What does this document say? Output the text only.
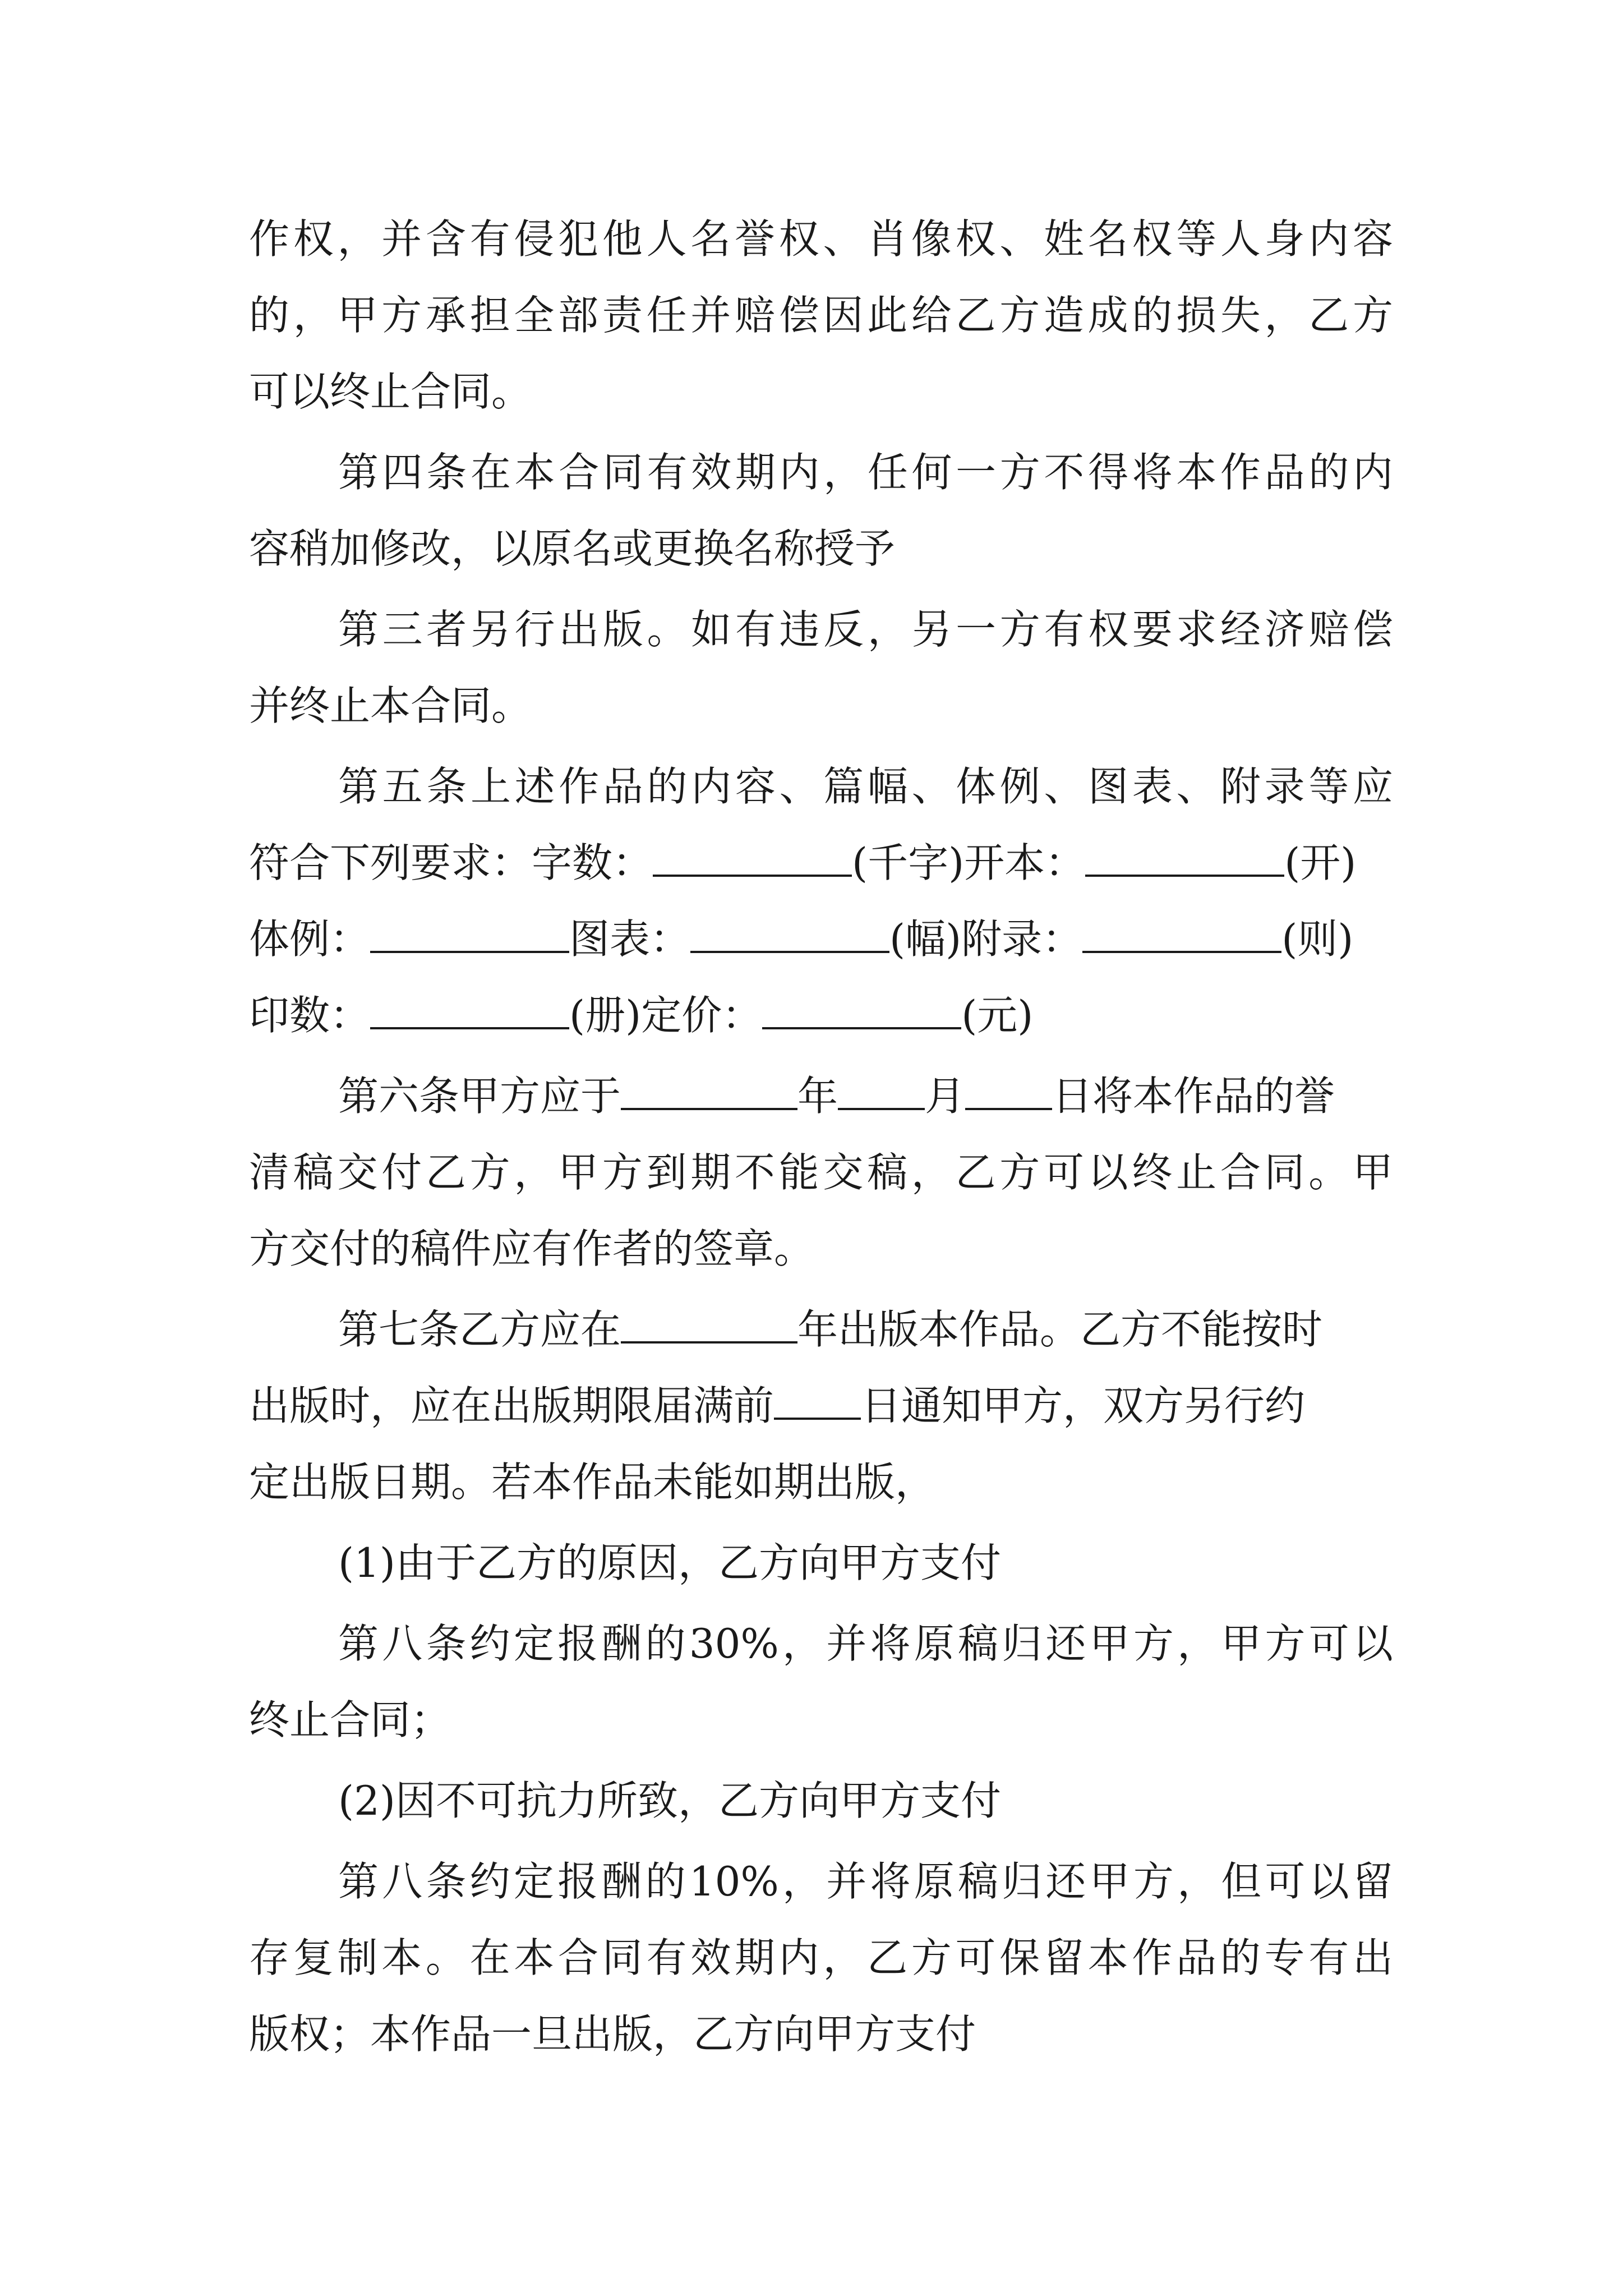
作权，并含有侵犯他人名誉权、肖像权、姓名权等人身内容
的，甲方承担全部责任并赔偿因此给乙方造成的损失，乙方
可以终止合同。
第四条在本合同有效期内，任何一方不得将本作品的内
容稍加修改，以原名或更换名称授予
第三者另行出版。如有违反，另一方有权要求经济赔偿
并终止本合同。
第五条上述作品的内容、篇幅、体例、图表、附录等应
符合下列要求：字数：	(千字)开本：	(开)
体例：	图表：	(幅)附录：	(则)
印数：	(册)定价：	(元)
第六条甲方应于	年 月 日将本作品的誉
清稿交付乙方，甲方到期不能交稿，乙方可以终止合同。甲
方交付的稿件应有作者的签章。
第七条乙方应在	年出版本作品。乙方不能按时
出版时，应在出版期限届满前 日通知甲方，双方另行约
定出版日期。若本作品未能如期出版，
(1)由于乙方的原因，乙方向甲方支付
第八条约定报酬的30%，并将原稿归还甲方，甲方可以
终止合同；
(2)因不可抗力所致，乙方向甲方支付
第八条约定报酬的10%，并将原稿归还甲方，但可以留
存复制本。在本合同有效期内，乙方可保留本作品的专有出
版权；本作品一旦出版，乙方向甲方支付
